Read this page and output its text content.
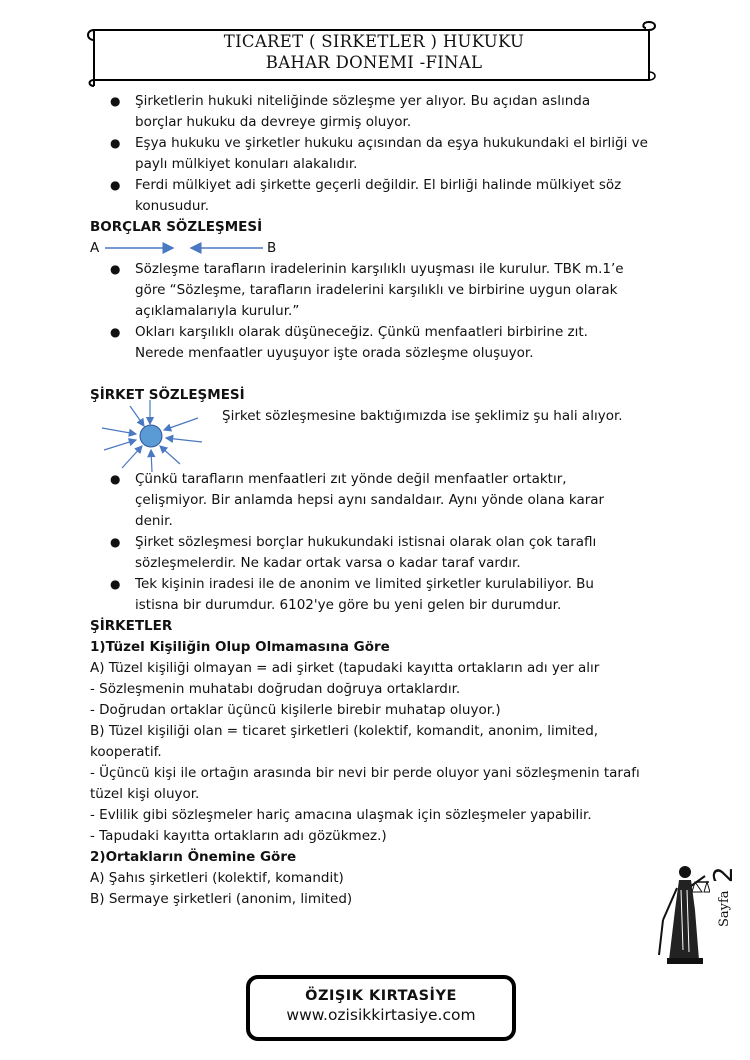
TICARET ( SIRKETLER ) HUKUKU
BAHAR DONEMI -FINAL
● Şirketlerin hukuki niteliğinde sözleşme yer alıyor. Bu açıdan aslında
borçlar hukuku da devreye girmiş oluyor.
● Eşya hukuku ve şirketler hukuku açısından da eşya hukukundaki el birliği ve
paylı mülkiyet konuları alakalıdır.
● Ferdi mülkiyet adi şirkette geçerli değildir. El birliği halinde mülkiyet söz
konusudur.
BORÇLAR SÖZLEŞMESİ
A	B
● Sözleşme tarafların iradelerinin karşılıklı uyuşması ile kurulur. TBK m.1’e
göre “Sözleşme, tarafların iradelerini karşılıklı ve birbirine uygun olarak
açıklamalarıyla kurulur.”
● Okları karşılıklı olarak düşüneceğiz. Çünkü menfaatleri birbirine zıt.
Nerede menfaatler uyuşuyor işte orada sözleşme oluşuyor.
ŞİRKET SÖZLEŞMESİ
Şirket sözleşmesine baktığımızda ise şeklimiz şu hali alıyor.
● Çünkü tarafların menfaatleri zıt yönde değil menfaatler ortaktır,
çelişmiyor. Bir anlamda hepsi aynı sandaldaır. Aynı yönde olana karar
denir.
● Şirket sözleşmesi borçlar hukukundaki istisnai olarak olan çok taraflı
sözleşmelerdir. Ne kadar ortak varsa o kadar taraf vardır.
● Tek kişinin iradesi ile de anonim ve limited şirketler kurulabiliyor. Bu
istisna bir durumdur. 6102'ye göre bu yeni gelen bir durumdur.
ŞİRKETLER
1)Tüzel Kişiliğin Olup Olmamasına Göre
A) Tüzel kişiliği olmayan = adi şirket (tapudaki kayıtta ortakların adı yer alır
- Sözleşmenin muhatabı doğrudan doğruya ortaklardır.
- Doğrudan ortaklar üçüncü kişilerle birebir muhatap oluyor.)
B) Tüzel kişiliği olan = ticaret şirketleri (kolektif, komandit, anonim, limited,
kooperatif.
- Üçüncü kişi ile ortağın arasında bir nevi bir perde oluyor yani sözleşmenin tarafı
tüzel kişi oluyor.
- Evlilik gibi sözleşmeler hariç amacına ulaşmak için sözleşmeler yapabilir.
- Tapudaki kayıtta ortakların adı gözükmez.)
2)Ortakların Önemine Göre
A) Şahıs şirketleri (kolektif, komandit)
B) Sermaye şirketleri (anonim, limited)	Sayfa
2
ÖZIŞIK KIRTASİYE
www.ozisikkirtasiye.com
